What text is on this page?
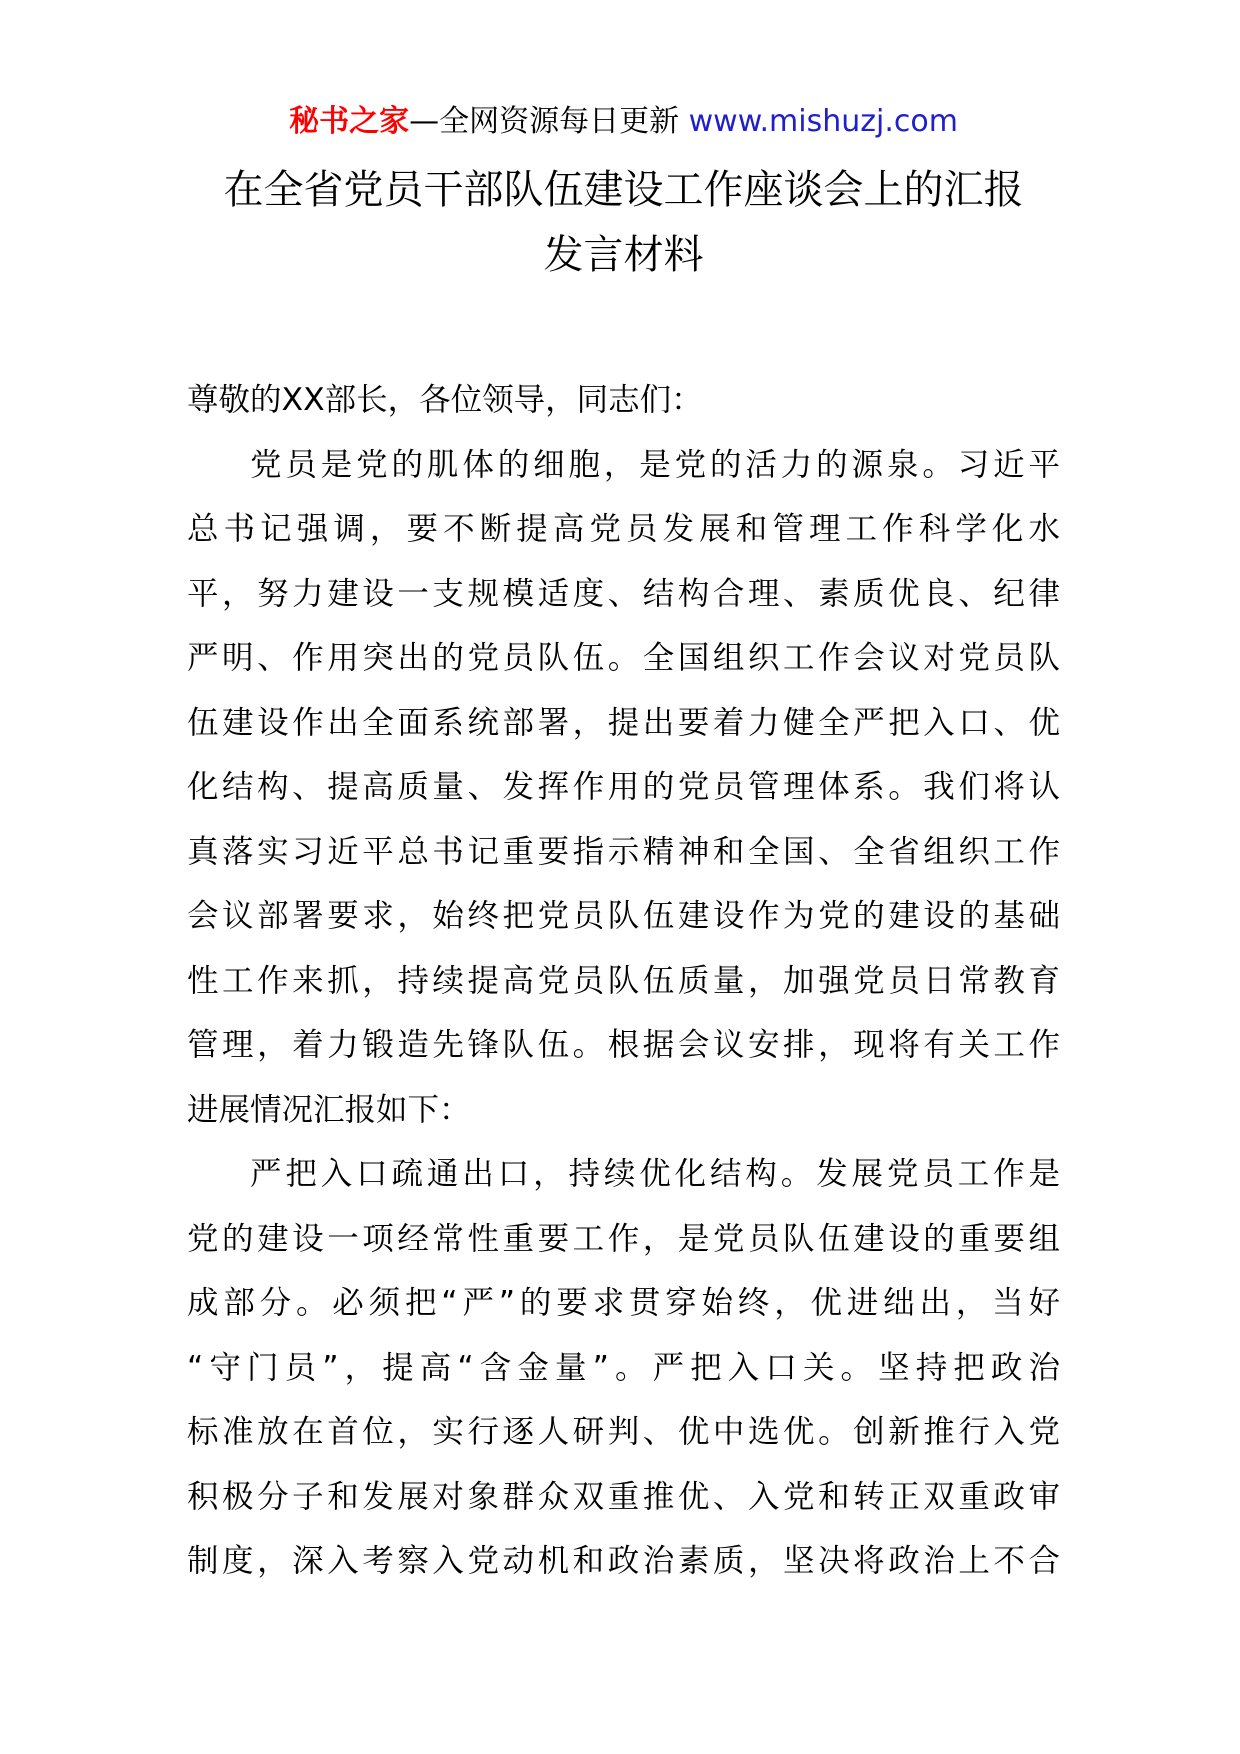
秘书之家—全网资源每日更新 www.mishuzj.com
在全省党员干部队伍建设工作座谈会上的汇报
发言材料

尊敬的XX部长，各位领导，同志们：

党员是党的肌体的细胞，是党的活力的源泉。习近平
总书记强调，要不断提高党员发展和管理工作科学化水
平，努力建设一支规模适度、结构合理、素质优良、纪律
严明、作用突出的党员队伍。全国组织工作会议对党员队
伍建设作出全面系统部署，提出要着力健全严把入口、优
化结构、提高质量、发挥作用的党员管理体系。我们将认
真落实习近平总书记重要指示精神和全国、全省组织工作
会议部署要求，始终把党员队伍建设作为党的建设的基础
性工作来抓，持续提高党员队伍质量，加强党员日常教育
管理，着力锻造先锋队伍。根据会议安排，现将有关工作
进展情况汇报如下：

严把入口疏通出口，持续优化结构。发展党员工作是
党的建设一项经常性重要工作，是党员队伍建设的重要组
成部分。必须把“严”的要求贯穿始终，优进绌出，当好
“守门员”，提高“含金量”。严把入口关。坚持把政治
标准放在首位，实行逐人研判、优中选优。创新推行入党
积极分子和发展对象群众双重推优、入党和转正双重政审
制度，深入考察入党动机和政治素质，坚决将政治上不合
